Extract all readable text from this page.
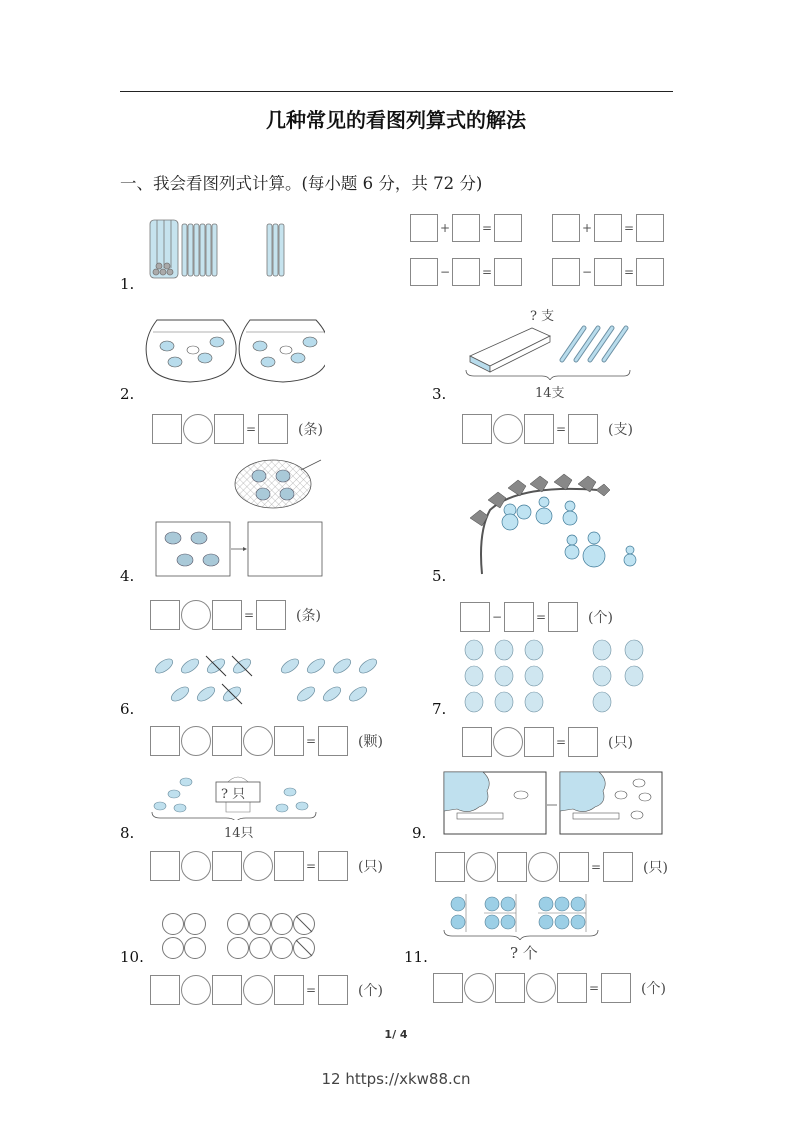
几种常见的看图列算式的解法
一、我会看图列式计算。(每小题 6 分，共 72 分)
1.
+	=	+	=
−	=	−	=
2.
=	(条)
3.
? 支
14支
=	(支)
4.
=	(条)
5.
−	=	(个)
6.
=	(颗)
7.
=	(只)
8.
? 只
14只
=	(只)
9.
=	(只)
10.
=	(个)
11.	? 个
=	(个)
1/ 4
12 https://xkw88.cn
